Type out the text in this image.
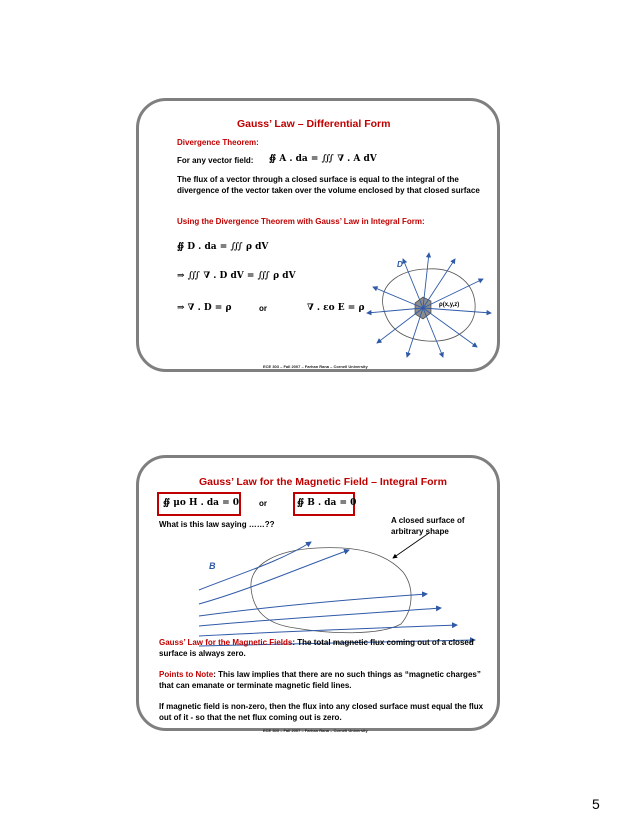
Gauss’ Law – Differential Form
Divergence Theorem:
For any vector field: ∯ A . da = ∭ ∇ . A dV
The flux of a vector through a closed surface is equal to the integral of the divergence of the vector taken over the volume enclosed by that closed surface
Using the Divergence Theorem with Gauss’ Law in Integral Form:
∯ D . da = ∭ ρ dV
⇒ ∭ ∇ . D dV = ∭ ρ dV
⇒ ∇ . D = ρ	or	∇ . εo E = ρ
D
ρ(x,y,z)
ECE 303 – Fall 2007 – Farhan Rana – Cornell University
Gauss’ Law for the Magnetic Field – Integral Form
∯ μo H . da = 0 or	∯ B . da = 0
What is this law saying ……??	A closed surface of arbitrary shape
B
Gauss’ Law for the Magnetic Fields: The total magnetic flux coming out of a closed surface is always zero.
Points to Note: This law implies that there are no such things as “magnetic charges” that can emanate or terminate magnetic field lines.
If magnetic field is non-zero, then the flux into any closed surface must equal the flux out of it - so that the net flux coming out is zero.
ECE 303 – Fall 2007 – Farhan Rana – Cornell University
5
